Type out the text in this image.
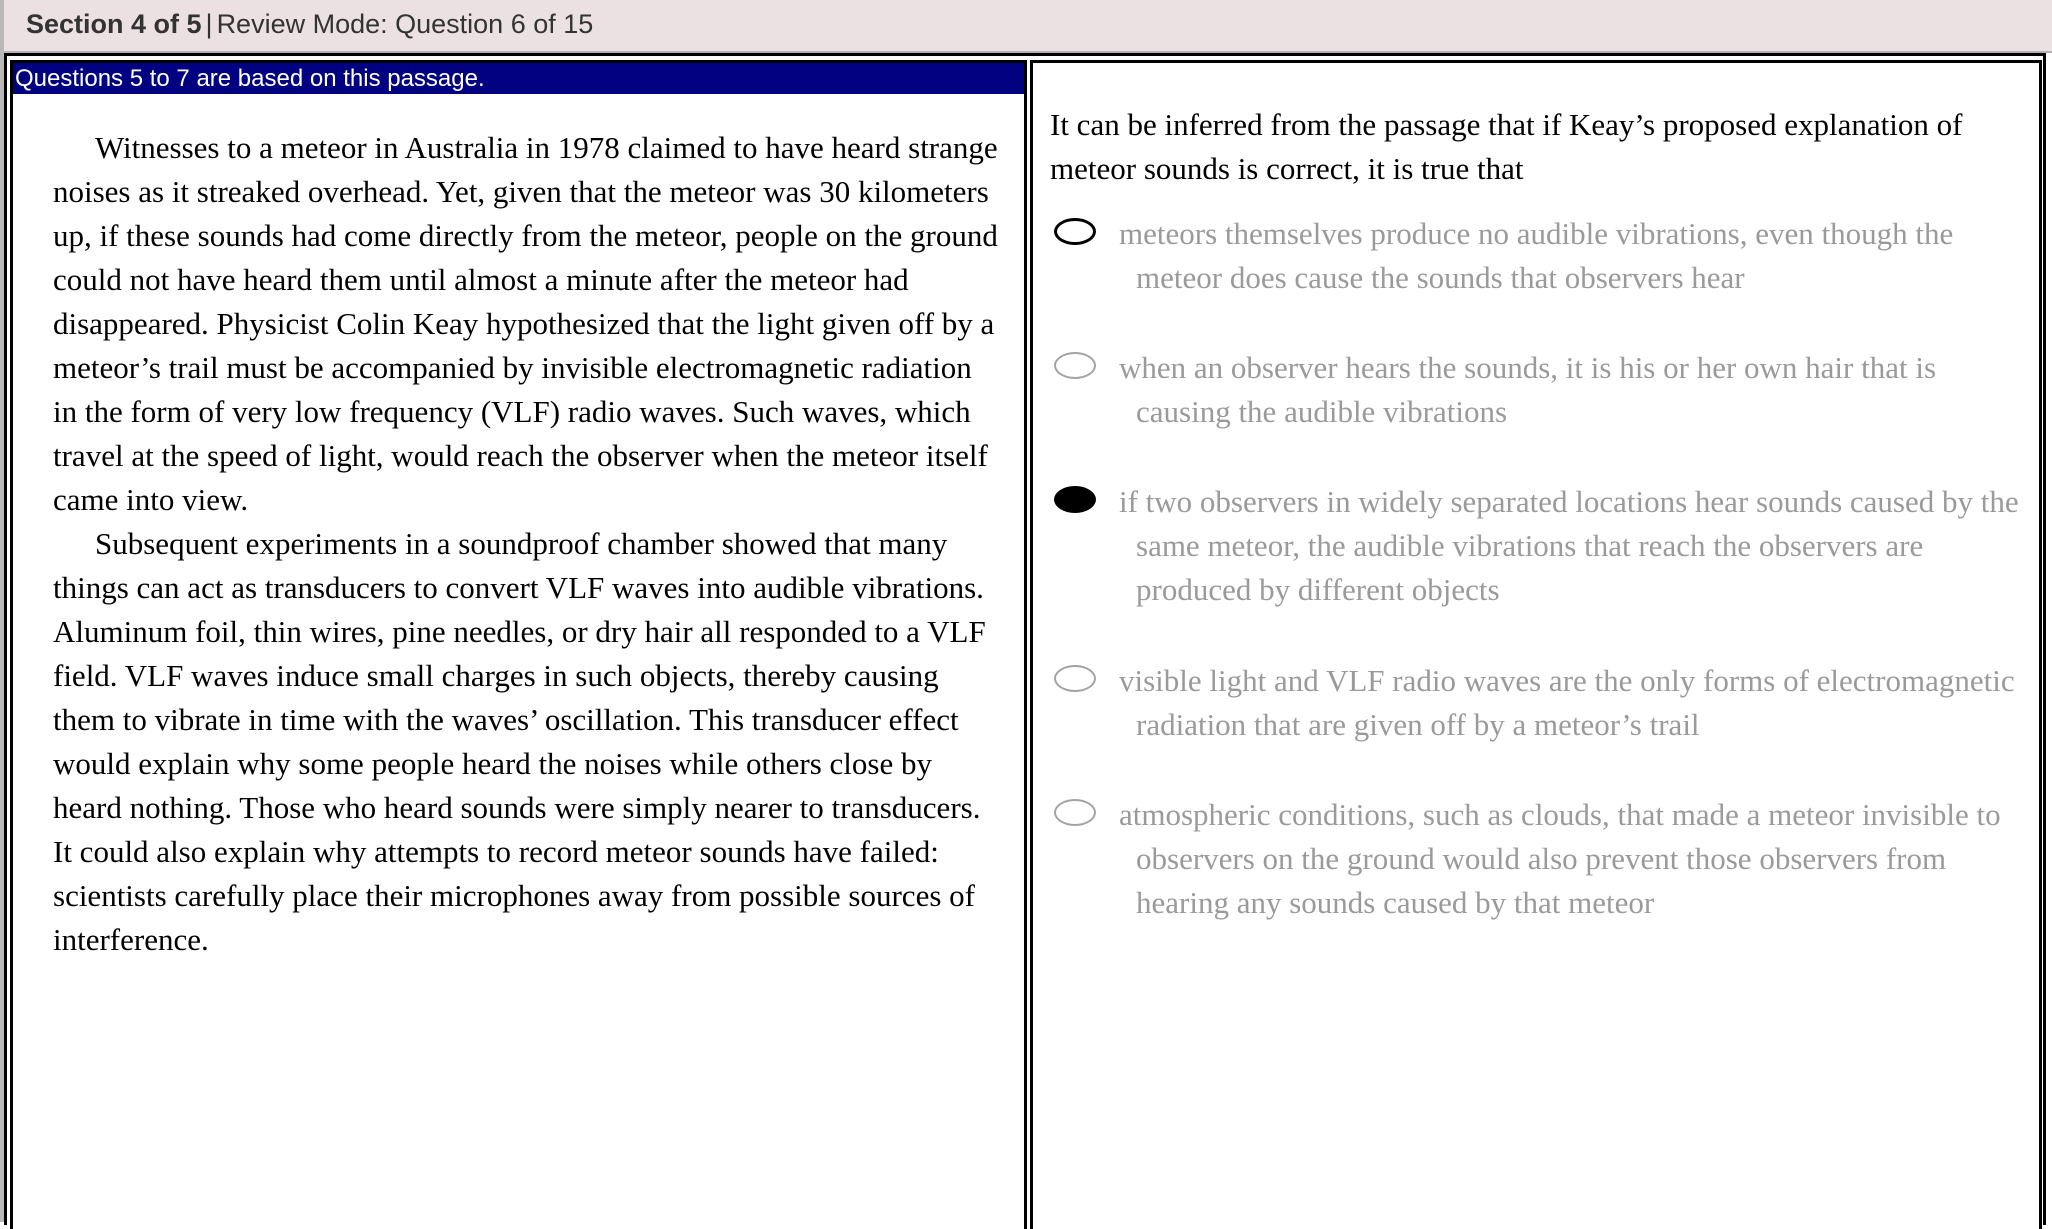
Section 4 of 5 | Review Mode: Question 6 of 15
Questions 5 to 7 are based on this passage.

Witnesses to a meteor in Australia in 1978 claimed to have heard strange noises as it streaked overhead. Yet, given that the meteor was 30 kilometers up, if these sounds had come directly from the meteor, people on the ground could not have heard them until almost a minute after the meteor had disappeared. Physicist Colin Keay hypothesized that the light given off by a meteor’s trail must be accompanied by invisible electromagnetic radiation in the form of very low frequency (VLF) radio waves. Such waves, which travel at the speed of light, would reach the observer when the meteor itself came into view.

Subsequent experiments in a soundproof chamber showed that many things can act as transducers to convert VLF waves into audible vibrations. Aluminum foil, thin wires, pine needles, or dry hair all responded to a VLF field. VLF waves induce small charges in such objects, thereby causing them to vibrate in time with the waves’ oscillation. This transducer effect would explain why some people heard the noises while others close by heard nothing. Those who heard sounds were simply nearer to transducers. It could also explain why attempts to record meteor sounds have failed: scientists carefully place their microphones away from possible sources of interference.

It can be inferred from the passage that if Keay’s proposed explanation of meteor sounds is correct, it is true that
meteors themselves produce no audible vibrations, even though the meteor does cause the sounds that observers hear
when an observer hears the sounds, it is his or her own hair that is causing the audible vibrations
if two observers in widely separated locations hear sounds caused by the same meteor, the audible vibrations that reach the observers are produced by different objects
visible light and VLF radio waves are the only forms of electromagnetic radiation that are given off by a meteor’s trail
atmospheric conditions, such as clouds, that made a meteor invisible to observers on the ground would also prevent those observers from hearing any sounds caused by that meteor
